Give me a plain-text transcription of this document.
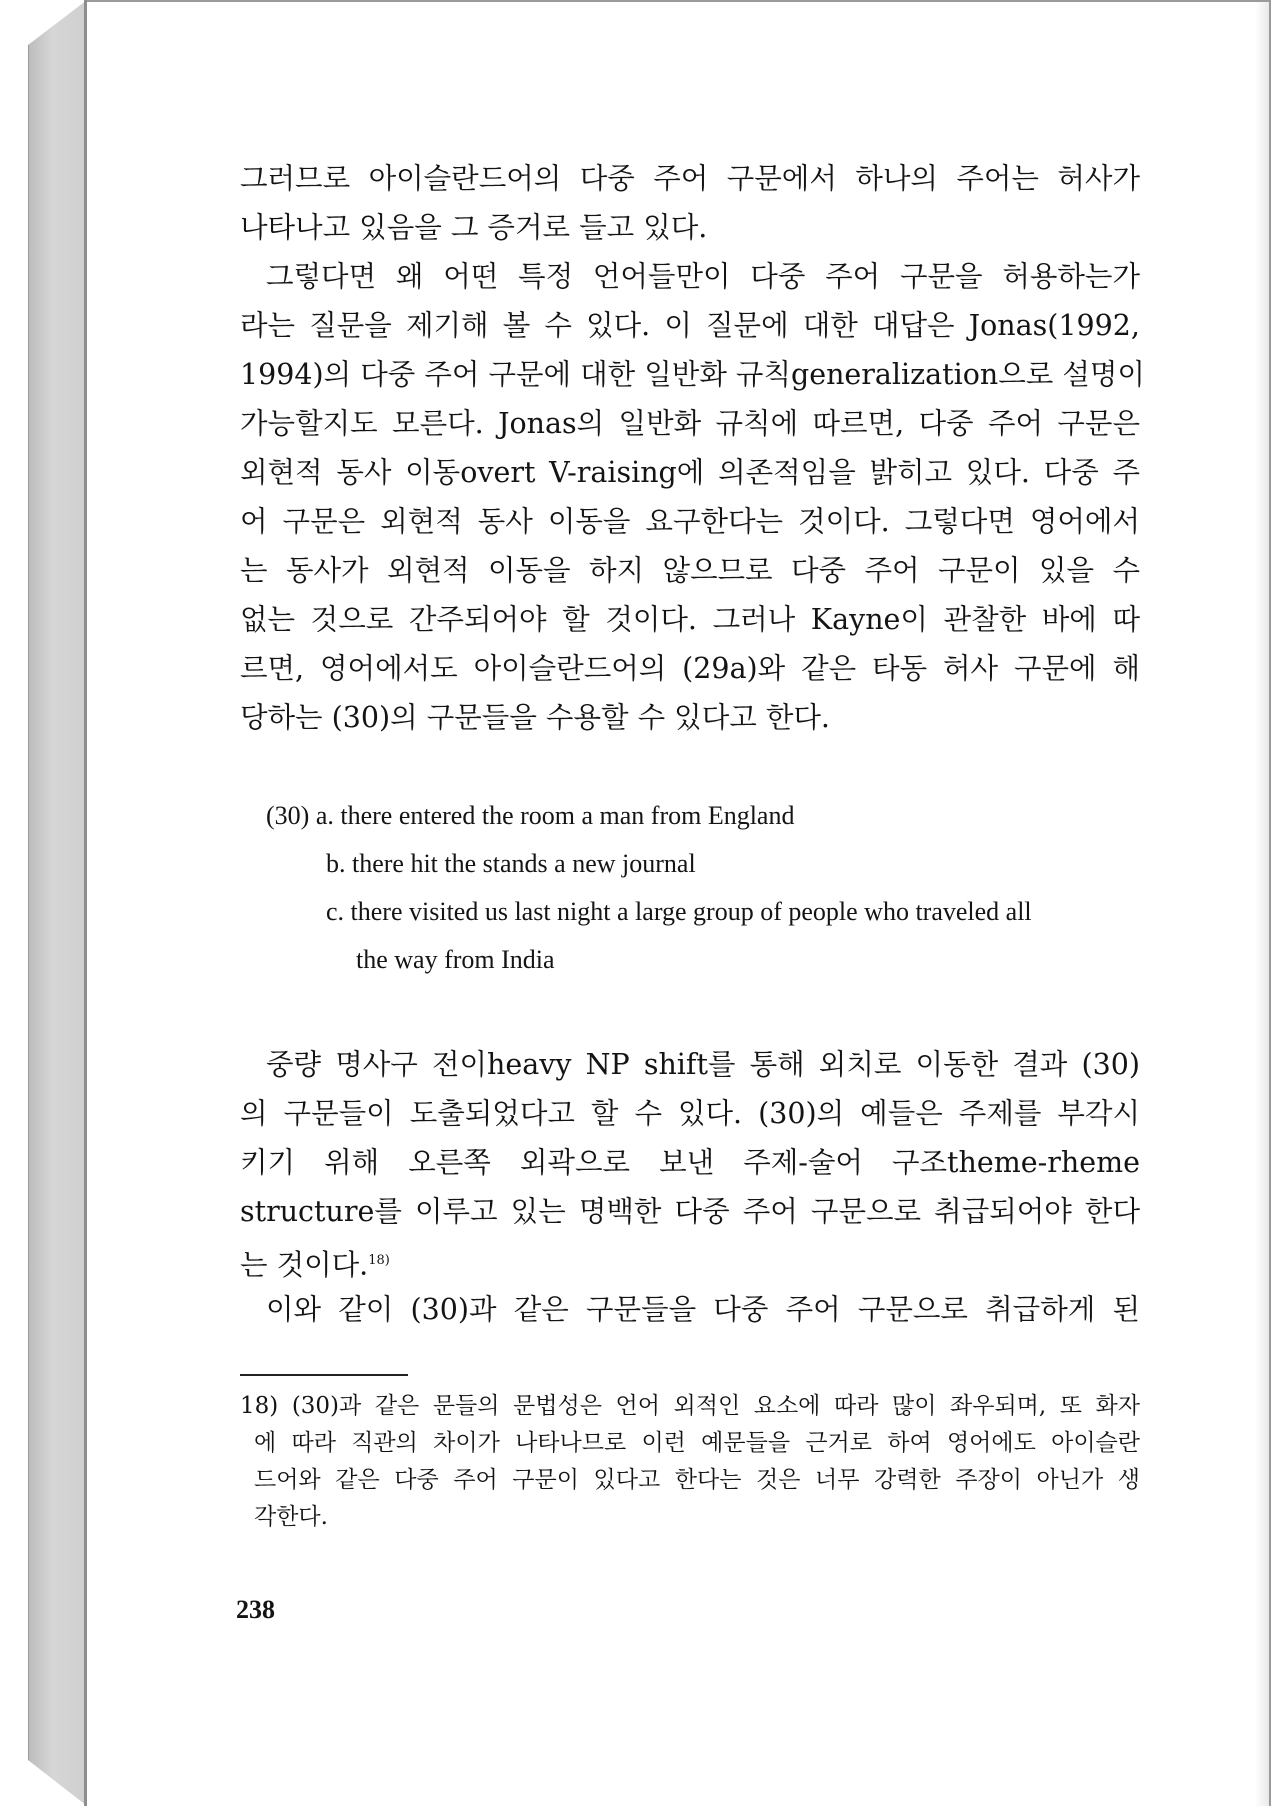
그러므로 아이슬란드어의 다중 주어 구문에서 하나의 주어는 허사가
나타나고 있음을 그 증거로 들고 있다.
그렇다면 왜 어떤 특정 언어들만이 다중 주어 구문을 허용하는가
라는 질문을 제기해 볼 수 있다. 이 질문에 대한 대답은 Jonas(1992,
1994)의 다중 주어 구문에 대한 일반화 규칙generalization으로 설명이
가능할지도 모른다. Jonas의 일반화 규칙에 따르면, 다중 주어 구문은
외현적 동사 이동overt V-raising에 의존적임을 밝히고 있다. 다중 주
어 구문은 외현적 동사 이동을 요구한다는 것이다. 그렇다면 영어에서
는 동사가 외현적 이동을 하지 않으므로 다중 주어 구문이 있을 수
없는 것으로 간주되어야 할 것이다. 그러나 Kayne이 관찰한 바에 따
르면, 영어에서도 아이슬란드어의 (29a)와 같은 타동 허사 구문에 해
당하는 (30)의 구문들을 수용할 수 있다고 한다.
(30) a. there entered the room a man from England
b. there hit the stands a new journal
c. there visited us last night a large group of people who traveled all
the way from India
중량 명사구 전이heavy NP shift를 통해 외치로 이동한 결과 (30)
의 구문들이 도출되었다고 할 수 있다. (30)의 예들은 주제를 부각시
키기 위해 오른쪽 외곽으로 보낸 주제-술어 구조theme-rheme
structure를 이루고 있는 명백한 다중 주어 구문으로 취급되어야 한다
는 것이다.$^{18)}$
이와 같이 (30)과 같은 구문들을 다중 주어 구문으로 취급하게 된
18) (30)과 같은 문들의 문법성은 언어 외적인 요소에 따라 많이 좌우되며, 또 화자
에 따라 직관의 차이가 나타나므로 이런 예문들을 근거로 하여 영어에도 아이슬란
드어와 같은 다중 주어 구문이 있다고 한다는 것은 너무 강력한 주장이 아닌가 생
각한다.
238
